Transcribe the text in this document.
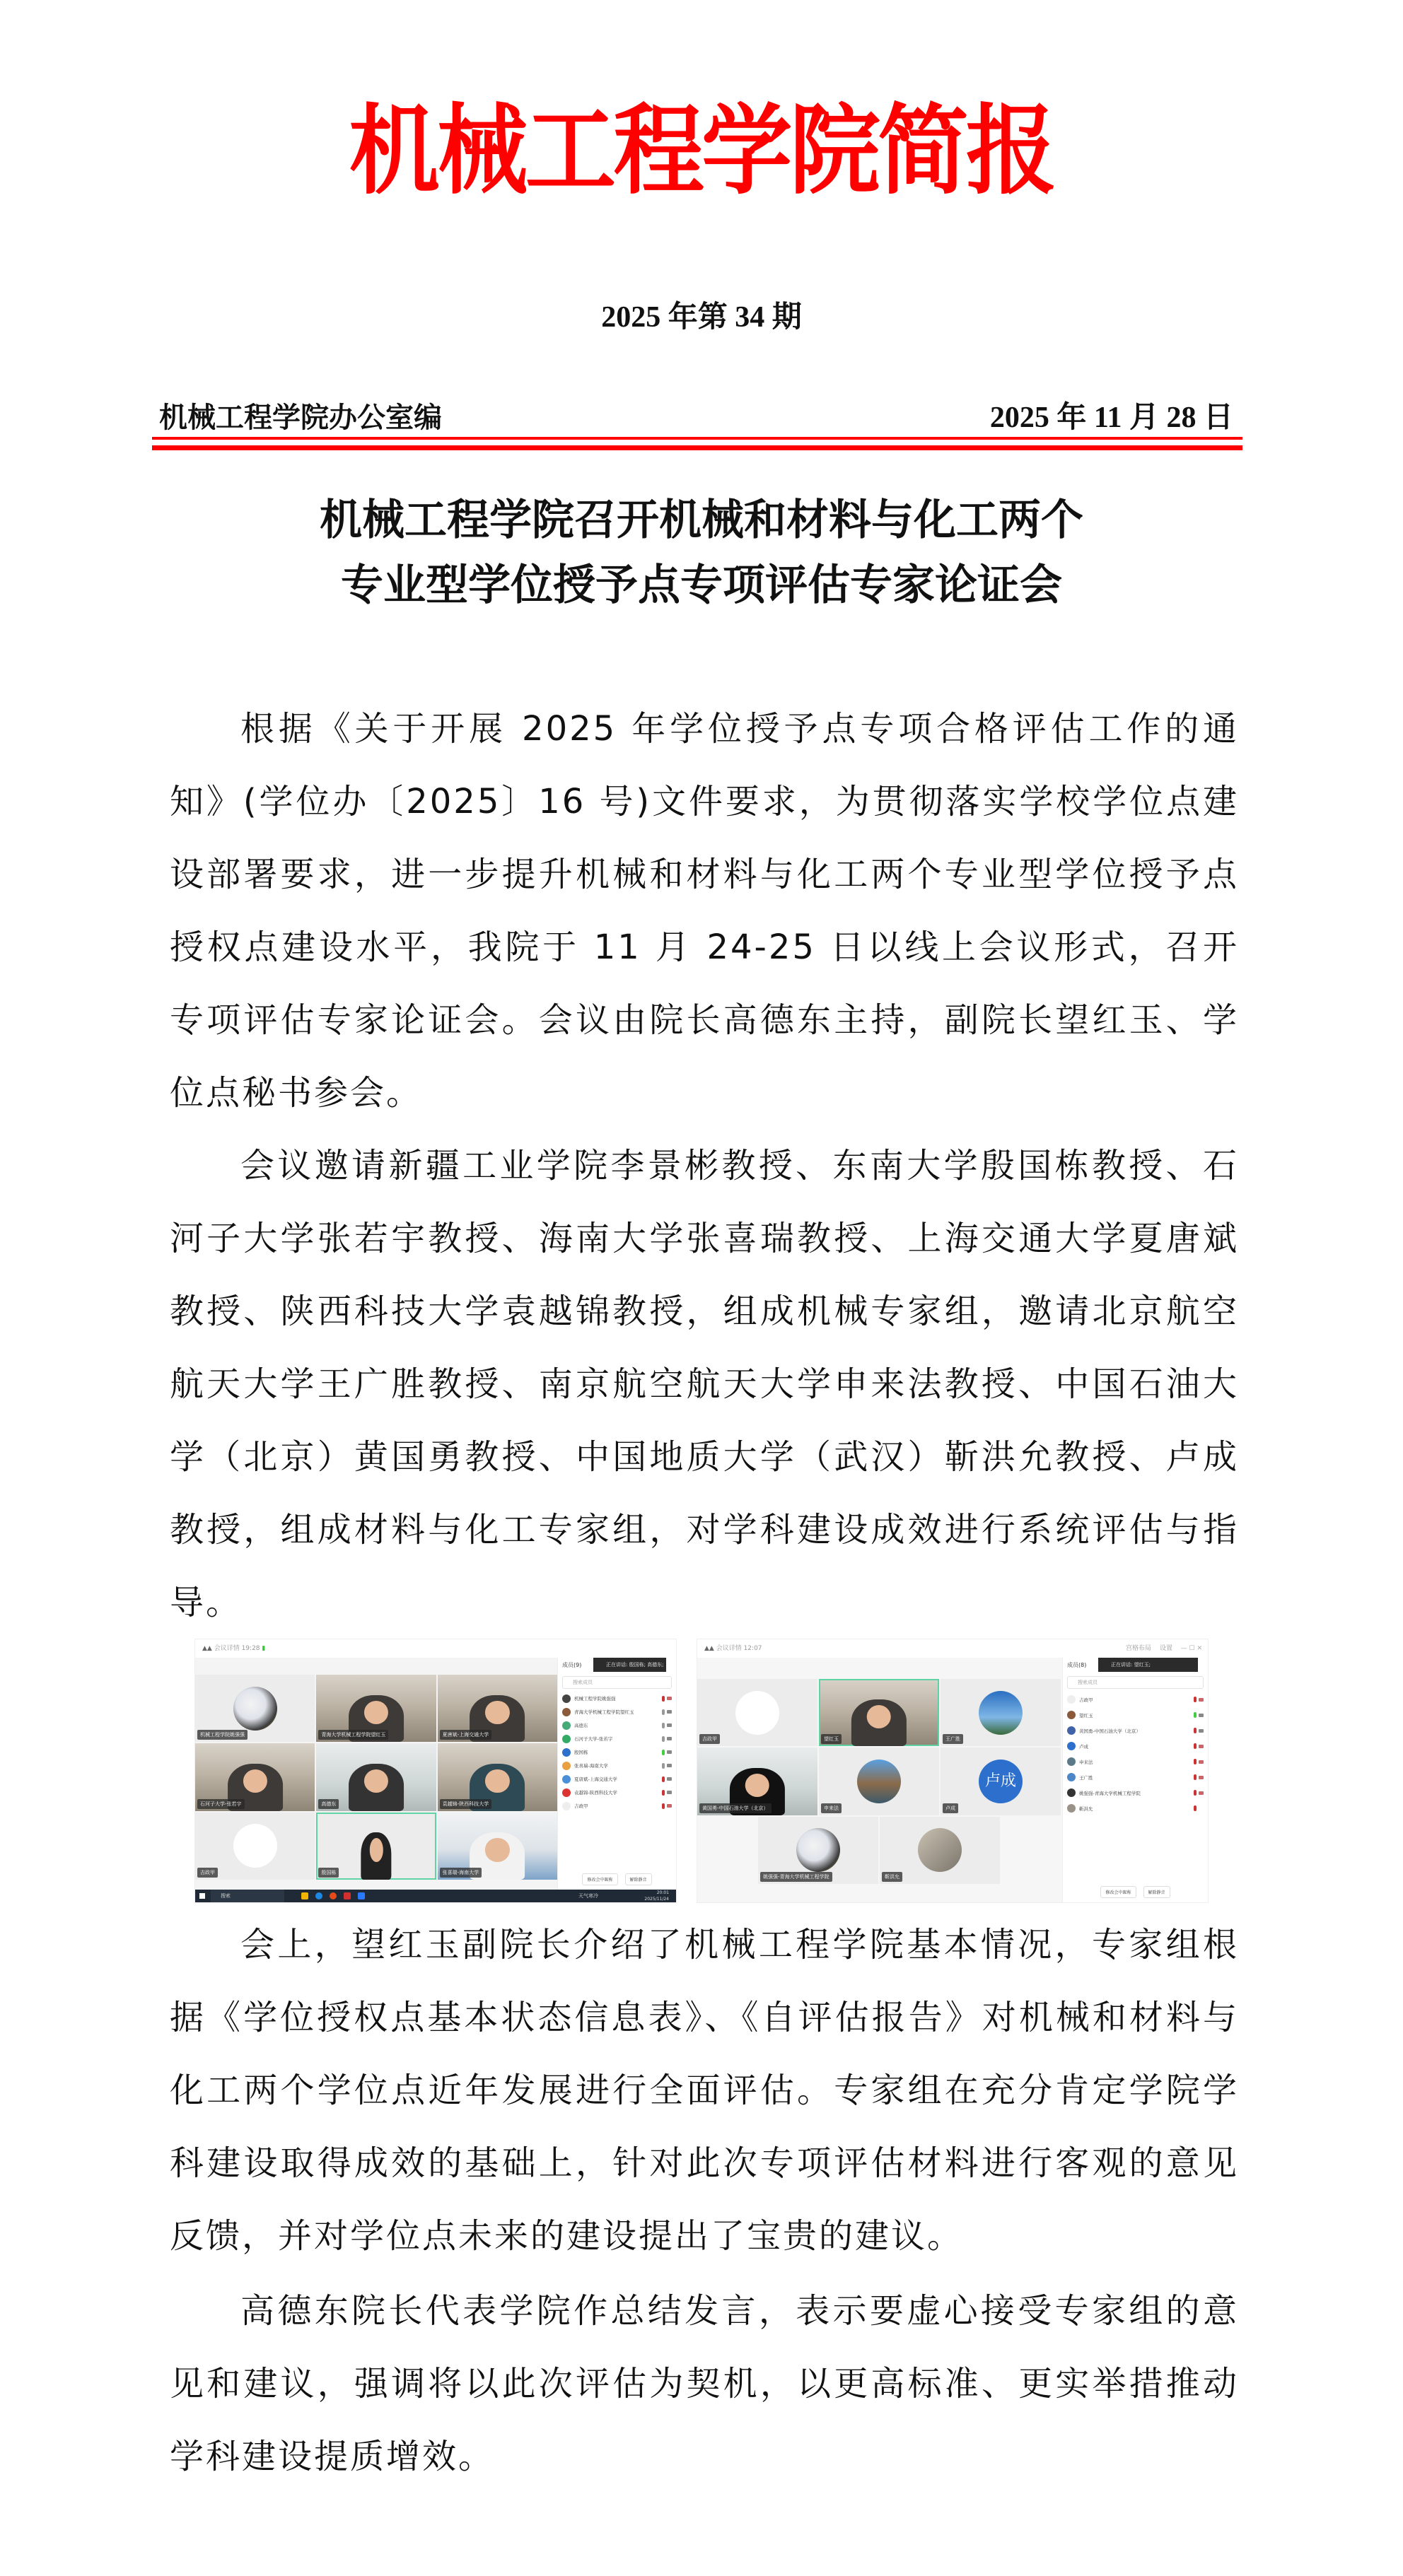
机械工程学院简报
2025 年第 34 期
机械工程学院办公室编	2025 年 11 月 28 日
机械工程学院召开机械和材料与化工两个
专业型学位授予点专项评估专家论证会

根据《关于开展 2025 年学位授予点专项合格评估工作的通知》(学位办〔2025〕16 号)文件要求，为贯彻落实学校学位点建设部署要求，进一步提升机械和材料与化工两个专业型学位授予点授权点建设水平，我院于 11 月 24-25 日以线上会议形式，召开专项评估专家论证会。会议由院长高德东主持，副院长望红玉、学位点秘书参会。

会议邀请新疆工业学院李景彬教授、东南大学殷国栋教授、石河子大学张若宇教授、海南大学张喜瑞教授、上海交通大学夏唐斌教授、陕西科技大学袁越锦教授，组成机械专家组，邀请北京航空航天大学王广胜教授、南京航空航天大学申来法教授、中国石油大学（北京）黄国勇教授、中国地质大学（武汉）靳洪允教授、卢成教授，组成材料与化工专家组，对学科建设成效进行系统评估与指导。

▲▲ 会议详情 19:28 ▮
机械工程学院姚强强	青海大学机械工程学院望红玉	夏唐斌-上海交通大学
石河子大学-张若宇	高德东	袁越锦-陕西科技大学
吉政甲	殷国栋	张喜瑞-海南大学
成员(9)	正在讲话: 殷国栋; 高德东;
搜索成员
机械工程学院姚强强
青海大学机械工程学院望红玉
高德东
石河子大学-张若宇
殷国栋
张喜瑞-海南大学
夏唐斌-上海交通大学
袁越锦-陕西科技大学
吉政甲
修改会中昵称	解除静音
搜索	天气寒冷
20:01
2025/11/24
▲▲ 会议详情 12:07	宫格布局 设置 — ☐ ✕
吉政甲	望红玉	王广胜
黄国勇-中国石油大学（北京）	申来法
卢成
卢成
姚强强-青海大学机械工程学院	靳洪允
成员(8)	正在讲话: 望红玉;
搜索成员
吉政甲
望红玉
黄国勇-中国石油大学（北京）
卢成
申来法
王广胜
姚强强-青海大学机械工程学院
靳洪允
修改会中昵称	解除静音

会上，望红玉副院长介绍了机械工程学院基本情况，专家组根据《学位授权点基本状态信息表》、《自评估报告》对机械和材料与化工两个学位点近年发展进行全面评估。专家组在充分肯定学院学科建设取得成效的基础上，针对此次专项评估材料进行客观的意见反馈，并对学位点未来的建设提出了宝贵的建议。

高德东院长代表学院作总结发言，表示要虚心接受专家组的意见和建议，强调将以此次评估为契机，以更高标准、更实举措推动学科建设提质增效。
